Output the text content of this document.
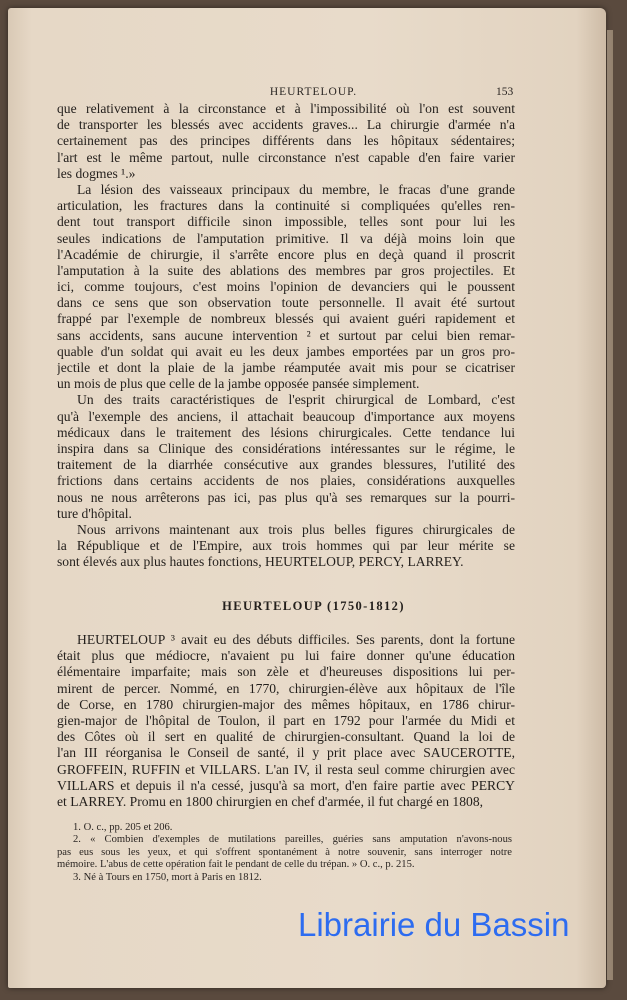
HEURTELOUP.	153
que relativement à la circonstance et à l'impossibilité où l'on est souvent
de transporter les blessés avec accidents graves... La chirurgie d'armée n'a
certainement pas des principes différents dans les hôpitaux sédentaires;
l'art est le même partout, nulle circonstance n'est capable d'en faire varier
les dogmes ¹.»
La lésion des vaisseaux principaux du membre, le fracas d'une grande
articulation, les fractures dans la continuité si compliquées qu'elles ren-
dent tout transport difficile sinon impossible, telles sont pour lui les
seules indications de l'amputation primitive. Il va déjà moins loin que
l'Académie de chirurgie, il s'arrête encore plus en deçà quand il proscrit
l'amputation à la suite des ablations des membres par gros projectiles. Et
ici, comme toujours, c'est moins l'opinion de devanciers qui le poussent
dans ce sens que son observation toute personnelle. Il avait été surtout
frappé par l'exemple de nombreux blessés qui avaient guéri rapidement et
sans accidents, sans aucune intervention ² et surtout par celui bien remar-
quable d'un soldat qui avait eu les deux jambes emportées par un gros pro-
jectile et dont la plaie de la jambe réamputée avait mis pour se cicatriser
un mois de plus que celle de la jambe opposée pansée simplement.
Un des traits caractéristiques de l'esprit chirurgical de Lombard, c'est
qu'à l'exemple des anciens, il attachait beaucoup d'importance aux moyens
médicaux dans le traitement des lésions chirurgicales. Cette tendance lui
inspira dans sa Clinique des considérations intéressantes sur le régime, le
traitement de la diarrhée consécutive aux grandes blessures, l'utilité des
frictions dans certains accidents de nos plaies, considérations auxquelles
nous ne nous arrêterons pas ici, pas plus qu'à ses remarques sur la pourri-
ture d'hôpital.
Nous arrivons maintenant aux trois plus belles figures chirurgicales de
la République et de l'Empire, aux trois hommes qui par leur mérite se
sont élevés aux plus hautes fonctions, HEURTELOUP, PERCY, LARREY.
HEURTELOUP (1750-1812)
HEURTELOUP ³ avait eu des débuts difficiles. Ses parents, dont la fortune
était plus que médiocre, n'avaient pu lui faire donner qu'une éducation
élémentaire imparfaite; mais son zèle et d'heureuses dispositions lui per-
mirent de percer. Nommé, en 1770, chirurgien-élève aux hôpitaux de l'île
de Corse, en 1780 chirurgien-major des mêmes hôpitaux, en 1786 chirur-
gien-major de l'hôpital de Toulon, il part en 1792 pour l'armée du Midi et
des Côtes où il sert en qualité de chirurgien-consultant. Quand la loi de
l'an III réorganisa le Conseil de santé, il y prit place avec SAUCEROTTE,
GROFFEIN, RUFFIN et VILLARS. L'an IV, il resta seul comme chirurgien avec
VILLARS et depuis il n'a cessé, jusqu'à sa mort, d'en faire partie avec PERCY
et LARREY. Promu en 1800 chirurgien en chef d'armée, il fut chargé en 1808,
1. O. c., pp. 205 et 206.
2. « Combien d'exemples de mutilations pareilles, guéries sans amputation n'avons-nous
pas eus sous les yeux, et qui s'offrent spontanément à notre souvenir, sans interroger notre
mémoire. L'abus de cette opération fait le pendant de celle du trépan. » O. c., p. 215.
3. Né à Tours en 1750, mort à Paris en 1812.
Librairie du Bassin
